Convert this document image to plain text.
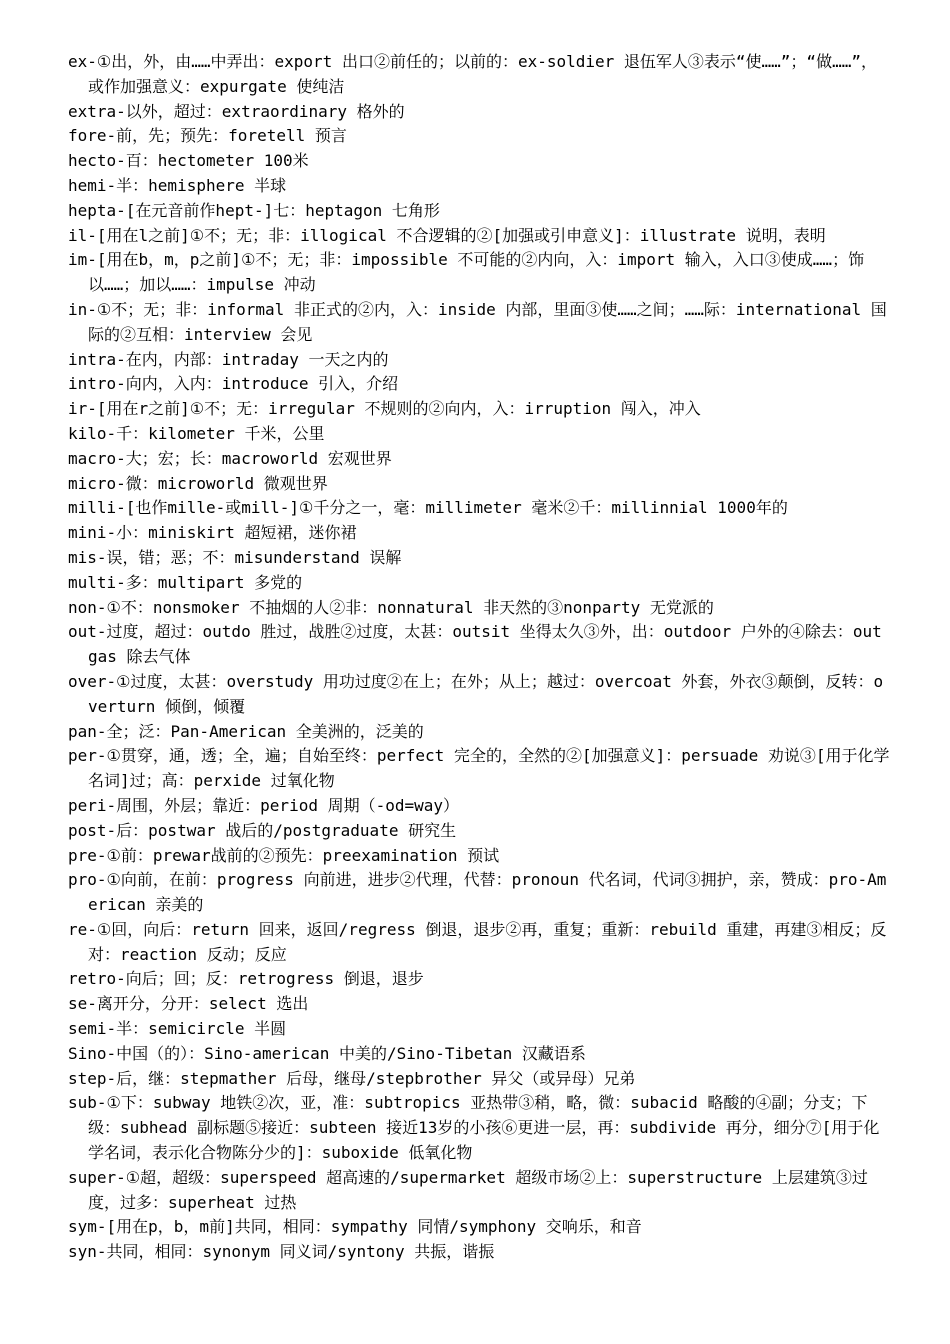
ex-①出，外，由……中弄出：export 出口②前任的；以前的：ex-soldier 退伍军人③表示“使……”；“做……”，或作加强意义：expurgate 使纯洁

extra-以外，超过：extraordinary 格外的

fore-前，先；预先：foretell 预言

hecto-百：hectometer 100米

hemi-半：hemisphere 半球

hepta-[在元音前作hept-]七：heptagon 七角形

il-[用在l之前]①不；无；非：illogical 不合逻辑的②[加强或引申意义]：illustrate 说明，表明

im-[用在b，m，p之前]①不；无；非：impossible 不可能的②内向，入：import 输入，入口③使成……；饰以……；加以……：impulse 冲动

in-①不；无；非：informal 非正式的②内，入：inside 内部，里面③使……之间；……际：international 国际的②互相：interview 会见

intra-在内，内部：intraday 一天之内的

intro-向内，入内：introduce 引入，介绍

ir-[用在r之前]①不；无：irregular 不规则的②向内，入：irruption 闯入，冲入

kilo-千：kilometer 千米，公里

macro-大；宏；长：macroworld 宏观世界

micro-微：microworld 微观世界

milli-[也作mille-或mill-]①千分之一，毫：millimeter 毫米②千：millinnial 1000年的

mini-小：miniskirt 超短裙，迷你裙

mis-误，错；恶；不：misunderstand 误解

multi-多：multipart 多党的

non-①不：nonsmoker 不抽烟的人②非：nonnatural 非天然的③nonparty 无党派的

out-过度，超过：outdo 胜过，战胜②过度，太甚：outsit 坐得太久③外，出：outdoor 户外的④除去：outgas 除去气体

over-①过度，太甚：overstudy 用功过度②在上；在外；从上；越过：overcoat 外套，外衣③颠倒，反转：overturn 倾倒，倾覆

pan-全；泛：Pan-American 全美洲的，泛美的

per-①贯穿，通，透；全，遍；自始至终：perfect 完全的，全然的②[加强意义]：persuade 劝说③[用于化学名词]过；高：perxide 过氧化物

peri-周围，外层；靠近：period 周期（-od=way）

post-后：postwar 战后的/postgraduate 研究生

pre-①前：prewar战前的②预先：preexamination 预试

pro-①向前，在前：progress 向前进，进步②代理，代替：pronoun 代名词，代词③拥护，亲，赞成：pro-American 亲美的

re-①回，向后：return 回来，返回/regress 倒退，退步②再，重复；重新：rebuild 重建，再建③相反；反对：reaction 反动；反应

retro-向后；回；反：retrogress 倒退，退步

se-离开分，分开：select 选出

semi-半：semicircle 半圆

Sino-中国（的）：Sino-american 中美的/Sino-Tibetan 汉藏语系

step-后，继：stepmather 后母，继母/stepbrother 异父（或异母）兄弟

sub-①下：subway 地铁②次，亚，准：subtropics 亚热带③稍，略，微：subacid 略酸的④副；分支；下级：subhead 副标题⑤接近：subteen 接近13岁的小孩⑥更进一层，再：subdivide 再分，细分⑦[用于化学名词，表示化合物陈分少的]：suboxide 低氧化物

super-①超，超级：superspeed 超高速的/supermarket 超级市场②上：superstructure 上层建筑③过度，过多：superheat 过热

sym-[用在p，b，m前]共同，相同：sympathy 同情/symphony 交响乐，和音

syn-共同，相同：synonym 同义词/syntony 共振，谐振
